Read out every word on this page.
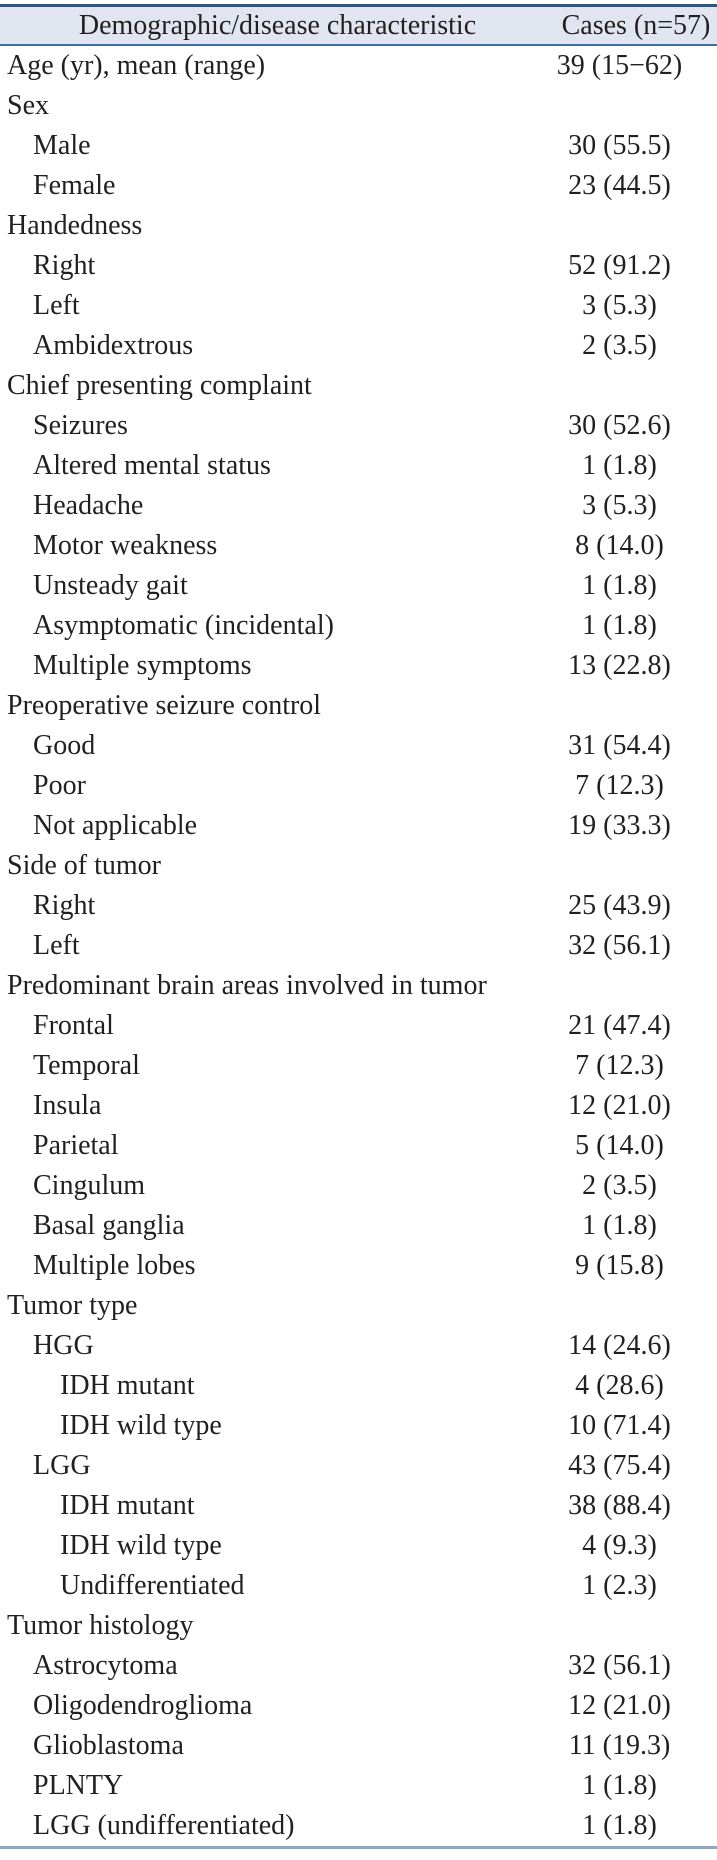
Demographic/disease characteristic	Cases (n=57)
Age (yr), mean (range)	39 (15−62)
Sex
Male	30 (55.5)
Female	23 (44.5)
Handedness
Right	52 (91.2)
Left	3 (5.3)
Ambidextrous	2 (3.5)
Chief presenting complaint
Seizures	30 (52.6)
Altered mental status	1 (1.8)
Headache	3 (5.3)
Motor weakness	8 (14.0)
Unsteady gait	1 (1.8)
Asymptomatic (incidental)	1 (1.8)
Multiple symptoms	13 (22.8)
Preoperative seizure control
Good	31 (54.4)
Poor	7 (12.3)
Not applicable	19 (33.3)
Side of tumor
Right	25 (43.9)
Left	32 (56.1)
Predominant brain areas involved in tumor
Frontal	21 (47.4)
Temporal	7 (12.3)
Insula	12 (21.0)
Parietal	5 (14.0)
Cingulum	2 (3.5)
Basal ganglia	1 (1.8)
Multiple lobes	9 (15.8)
Tumor type
HGG	14 (24.6)
IDH mutant	4 (28.6)
IDH wild type	10 (71.4)
LGG	43 (75.4)
IDH mutant	38 (88.4)
IDH wild type	4 (9.3)
Undifferentiated	1 (2.3)
Tumor histology
Astrocytoma	32 (56.1)
Oligodendroglioma	12 (21.0)
Glioblastoma	11 (19.3)
PLNTY	1 (1.8)
LGG (undifferentiated)	1 (1.8)
